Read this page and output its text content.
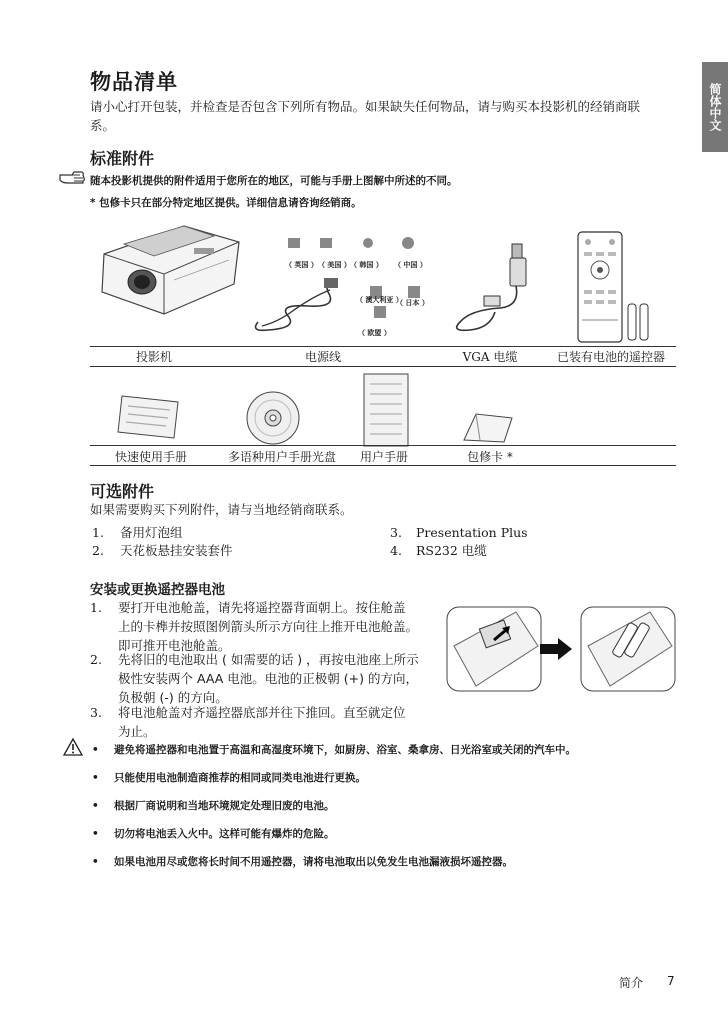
简体中文
物品清单
请小心打开包装，并检查是否包含下列所有物品。如果缺失任何物品，请与购买本投影机的经销商联
系。
标准附件
随本投影机提供的附件适用于您所在的地区，可能与手册上图解中所述的不同。
* 包修卡只在部分特定地区提供。详细信息请咨询经销商。
（ 英国 ） （ 美国 ） （ 韩国 ） （ 中国 ）
（ 澳大利亚 ）
（ 日本 ）
（ 欧盟 ）
投影机	电源线	VGA 电缆	已装有电池的遥控器
快速使用手册	多语种用户手册光盘	用户手册	包修卡 *
可选附件
如果需要购买下列附件，请与当地经销商联系。
1. 备用灯泡组
2. 天花板悬挂安装套件
3. Presentation Plus
4. RS232 电缆
安装或更换遥控器电池
1.	要打开电池舱盖，请先将遥控器背面朝上。按住舱盖
上的卡榫并按照图例箭头所示方向往上推开电池舱盖。
即可推开电池舱盖。
2.	先将旧的电池取出 ( 如需要的话 ) ，再按电池座上所示
极性安装两个 AAA 电池。电池的正极朝 (+) 的方向，
负极朝 (-) 的方向。
3.	将电池舱盖对齐遥控器底部并往下推回。直至就定位
为止。
• 避免将遥控器和电池置于高温和高湿度环境下，如厨房、浴室、桑拿房、日光浴室或关闭的汽车中。
• 只能使用电池制造商推荐的相同或同类电池进行更换。
• 根据厂商说明和当地环境规定处理旧废的电池。
• 切勿将电池丢入火中。这样可能有爆炸的危险。
• 如果电池用尽或您将长时间不用遥控器，请将电池取出以免发生电池漏液损坏遥控器。
简介 7
